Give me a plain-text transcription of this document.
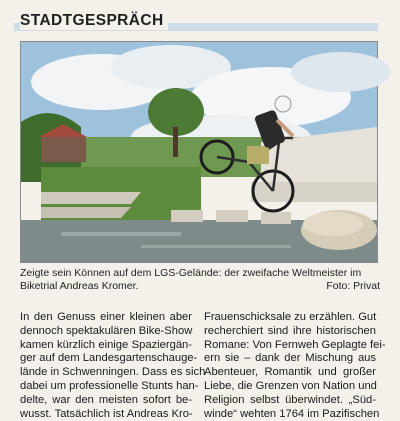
STADTGESPRÄCH
Zeigte sein Können auf dem LGS-Gelände: der zweifache Weltmeister im Biketrial Andreas Kromer.	Foto: Privat
In den Genuss einer kleinen aber
dennoch spektakulären Bike-Show
kamen kürzlich einige Spaziergän-
ger auf dem Landesgartenschauge-
lände in Schwenningen. Dass es sich
dabei um professionelle Stunts han-
delte, war den meisten sofort be-
wusst. Tatsächlich ist Andreas Kro-
Frauenschicksale zu erzählen. Gut
recherchiert sind ihre historischen
Romane: Von Fernweh Geplagte fei-
ern sie – dank der Mischung aus
Abenteuer, Romantik und großer
Liebe, die Grenzen von Nation und
Religion selbst überwindet. „Süd-
winde“ wehten 1764 im Pazifischen
